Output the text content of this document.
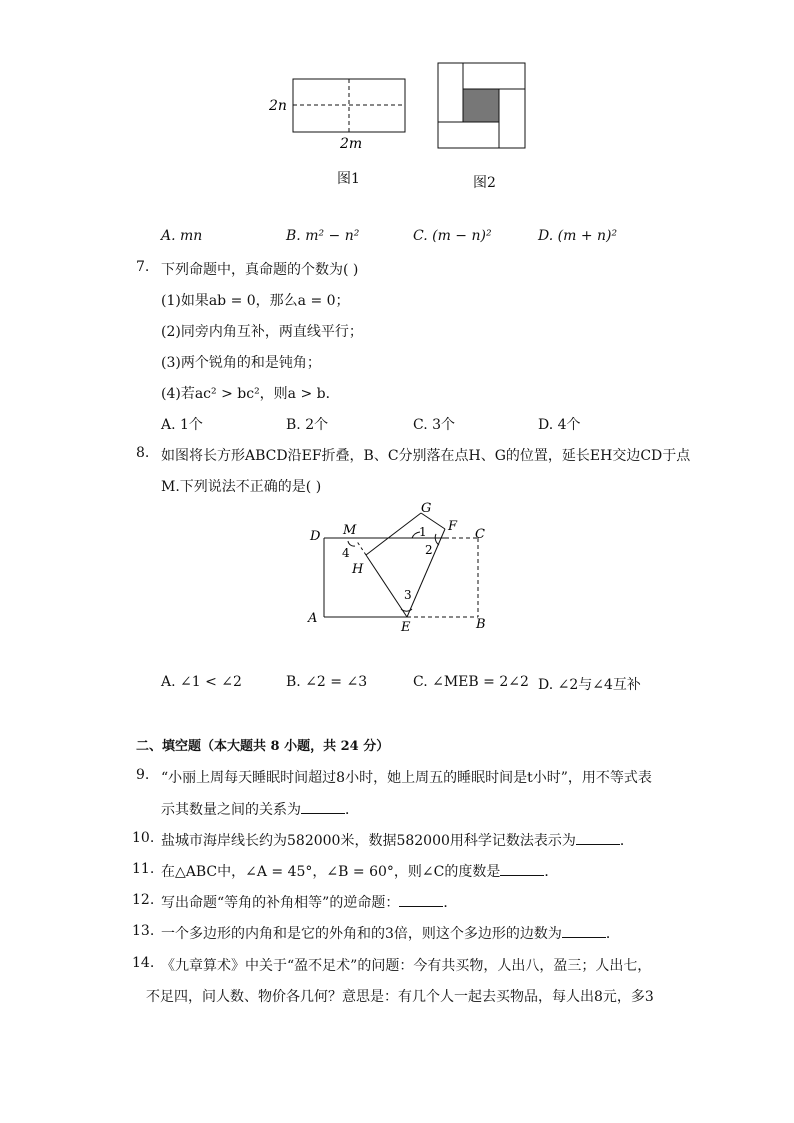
2n
2m
图1	图2
A. mn	B. m² − n²	C. (m − n)²	D. (m + n)²
7. 下列命题中，真命题的个数为( )
(1)如果ab = 0，那么a = 0；
(2)同旁内角互补，两直线平行；
(3)两个锐角的和是钝角；
(4)若ac² > bc²，则a > b．
A. 1个	B. 2个	C. 3个	D. 4个
8. 如图将长方形ABCD沿EF折叠，B、C分别落在点H、G的位置，延长EH交边CD于点
M.下列说法不正确的是( )
D M
G
F
C
A
E	B
H
1
2
3
4
A. ∠1 < ∠2	B. ∠2 = ∠3	C. ∠MEB = 2∠2 D. ∠2与∠4互补
二、填空题（本大题共 8 小题，共 24 分）
9. “小丽上周每天睡眠时间超过8小时，她上周五的睡眠时间是t小时”，用不等式表
示其数量之间的关系为	．
10. 盐城市海岸线长约为582000米，数据582000用科学记数法表示为	．
11. 在△ABC中，∠A = 45°，∠B = 60°，则∠C的度数是	．
12. 写出命题“等角的补角相等”的逆命题：	．
13. 一个多边形的内角和是它的外角和的3倍，则这个多边形的边数为	．
14. 《九章算术》中关于“盈不足术”的问题：今有共买物，人出八，盈三；人出七，
不足四，问人数、物价各几何？意思是：有几个人一起去买物品，每人出8元，多3
